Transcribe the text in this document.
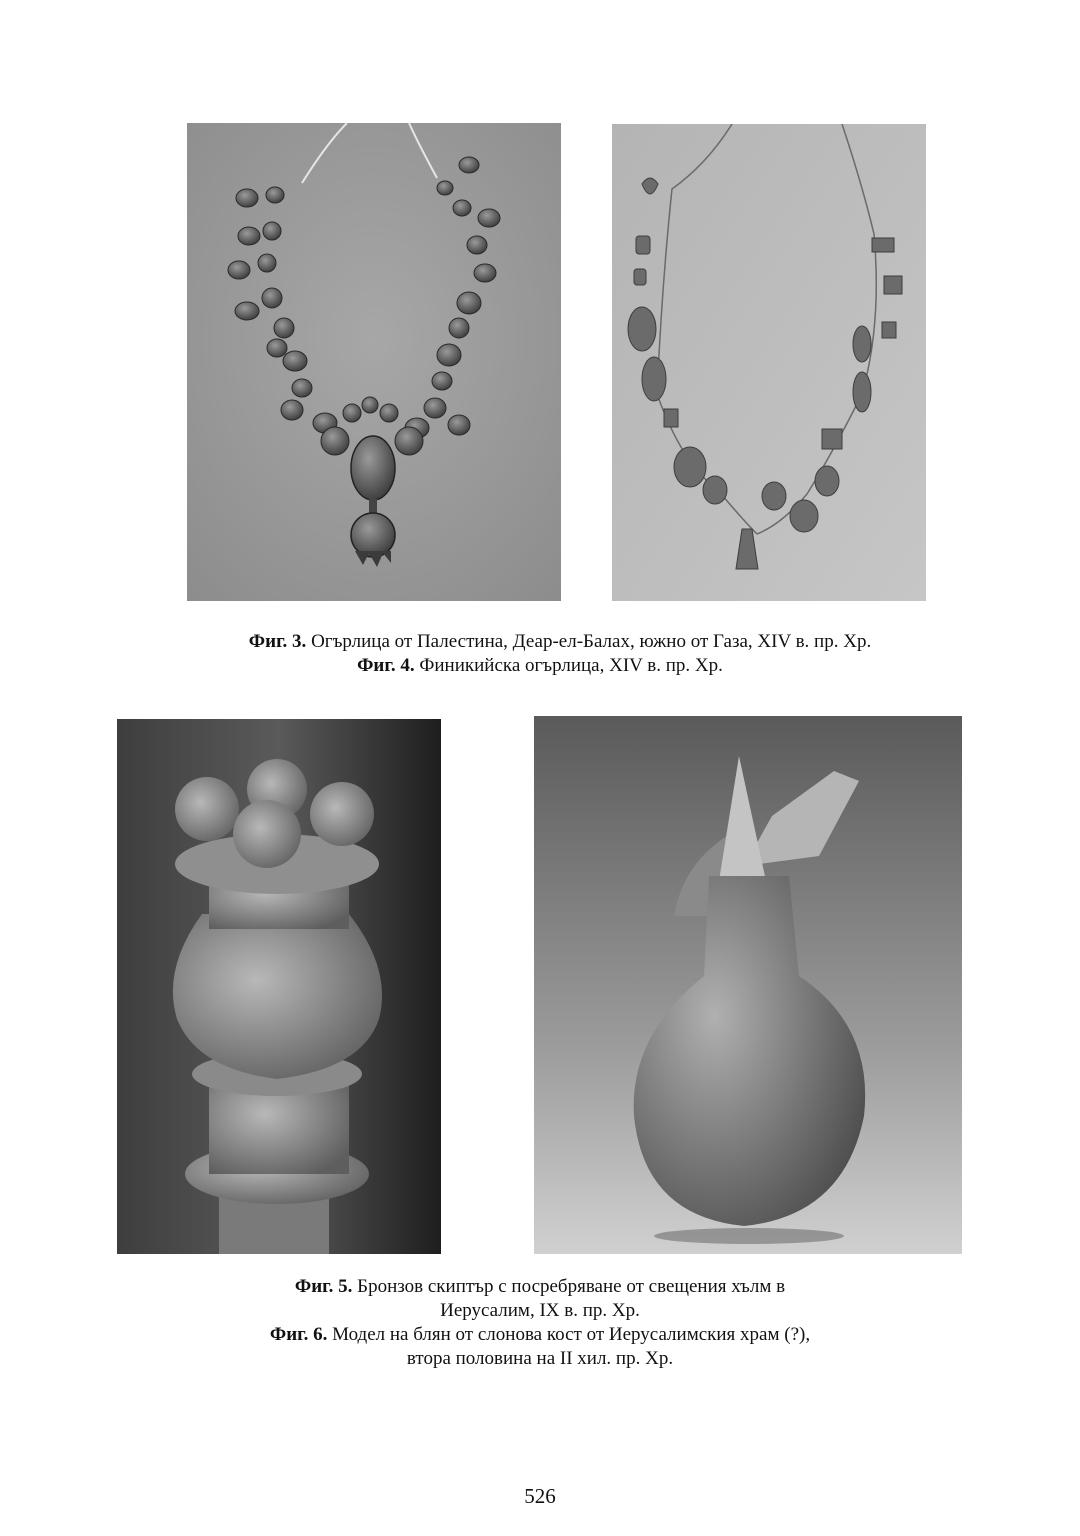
Фиг. 3. Огърлица от Палестина, Деар-ел-Балах, южно от Газа, XIV в. пр. Хр.
Фиг. 4. Финикийска огърлица, XIV в. пр. Хр.
Фиг. 5. Бронзов скиптър с посребряване от свещения хълм в
Иерусалим, IX в. пр. Хр.
Фиг. 6. Модел на блян от слонова кост от Иерусалимския храм (?),
втора половина на II хил. пр. Хр.
526
